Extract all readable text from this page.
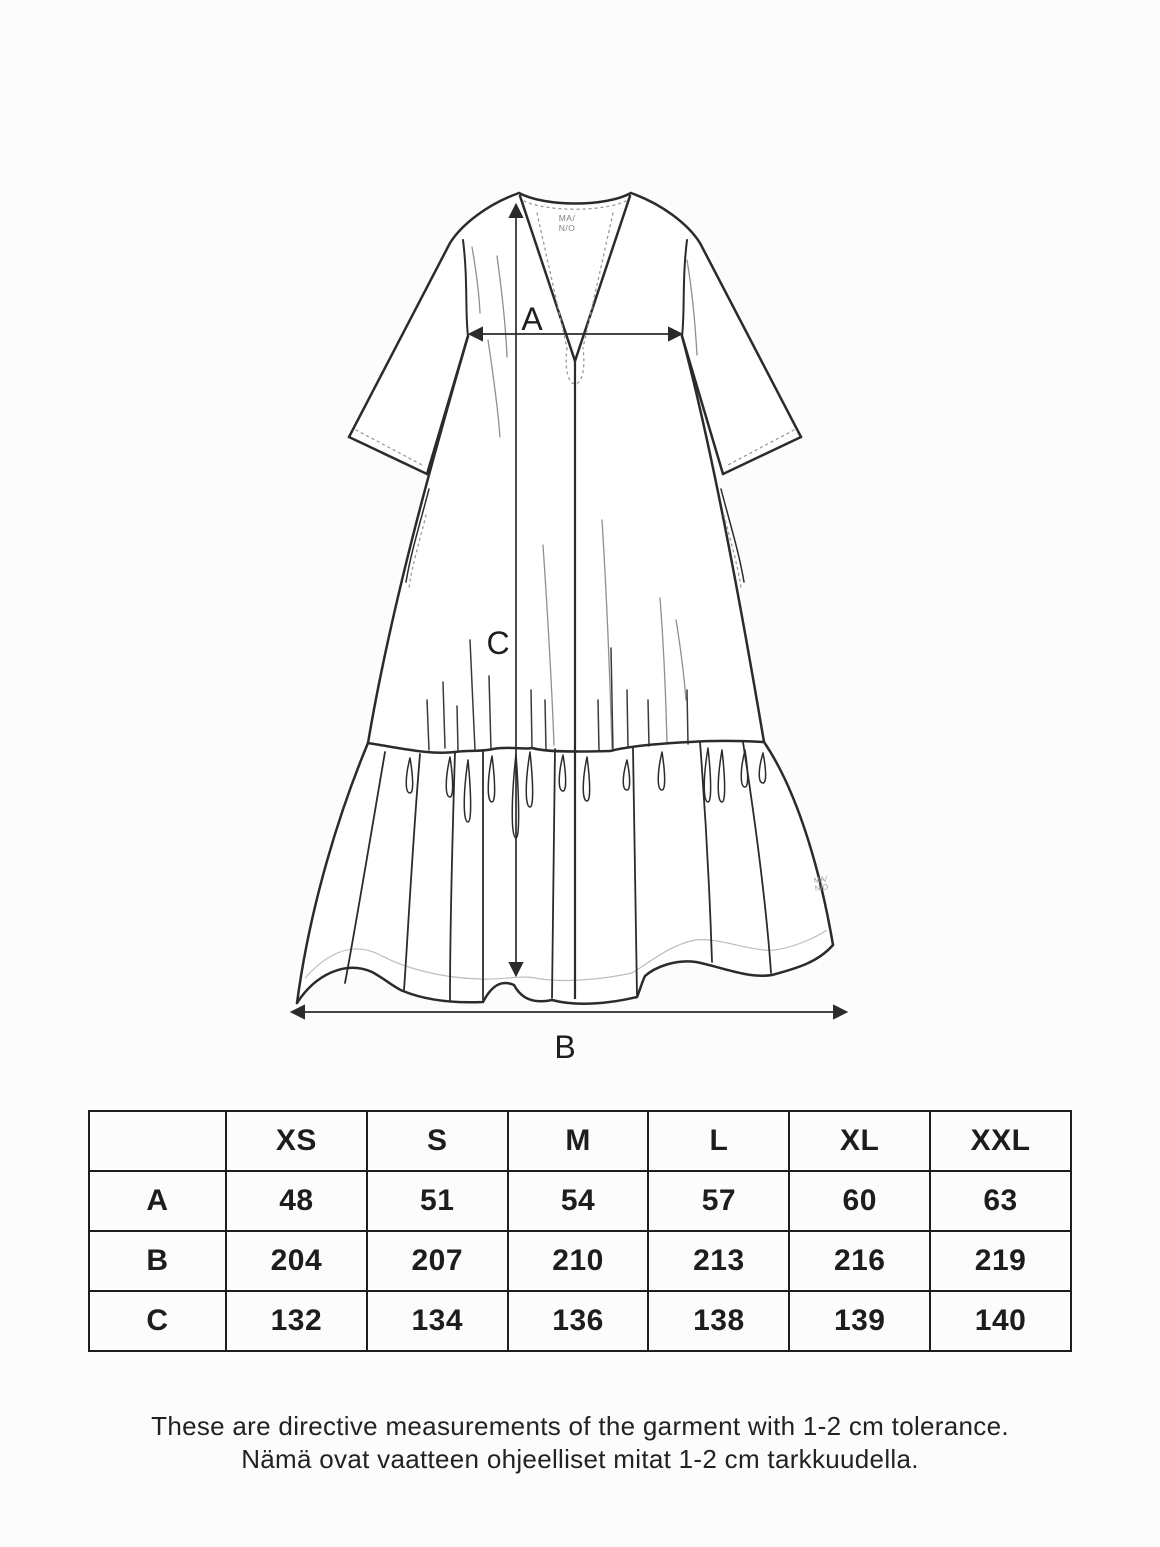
MA/
N/O
MA/
N/O
A
C
B
	XS	S	M	L	XL	XXL
A	48	51	54	57	60	63
B	204	207	210	213	216	219
C	132	134	136	138	139	140

These are directive measurements of the garment with 1-2 cm tolerance.

Nämä ovat vaatteen ohjeelliset mitat 1-2 cm tarkkuudella.
